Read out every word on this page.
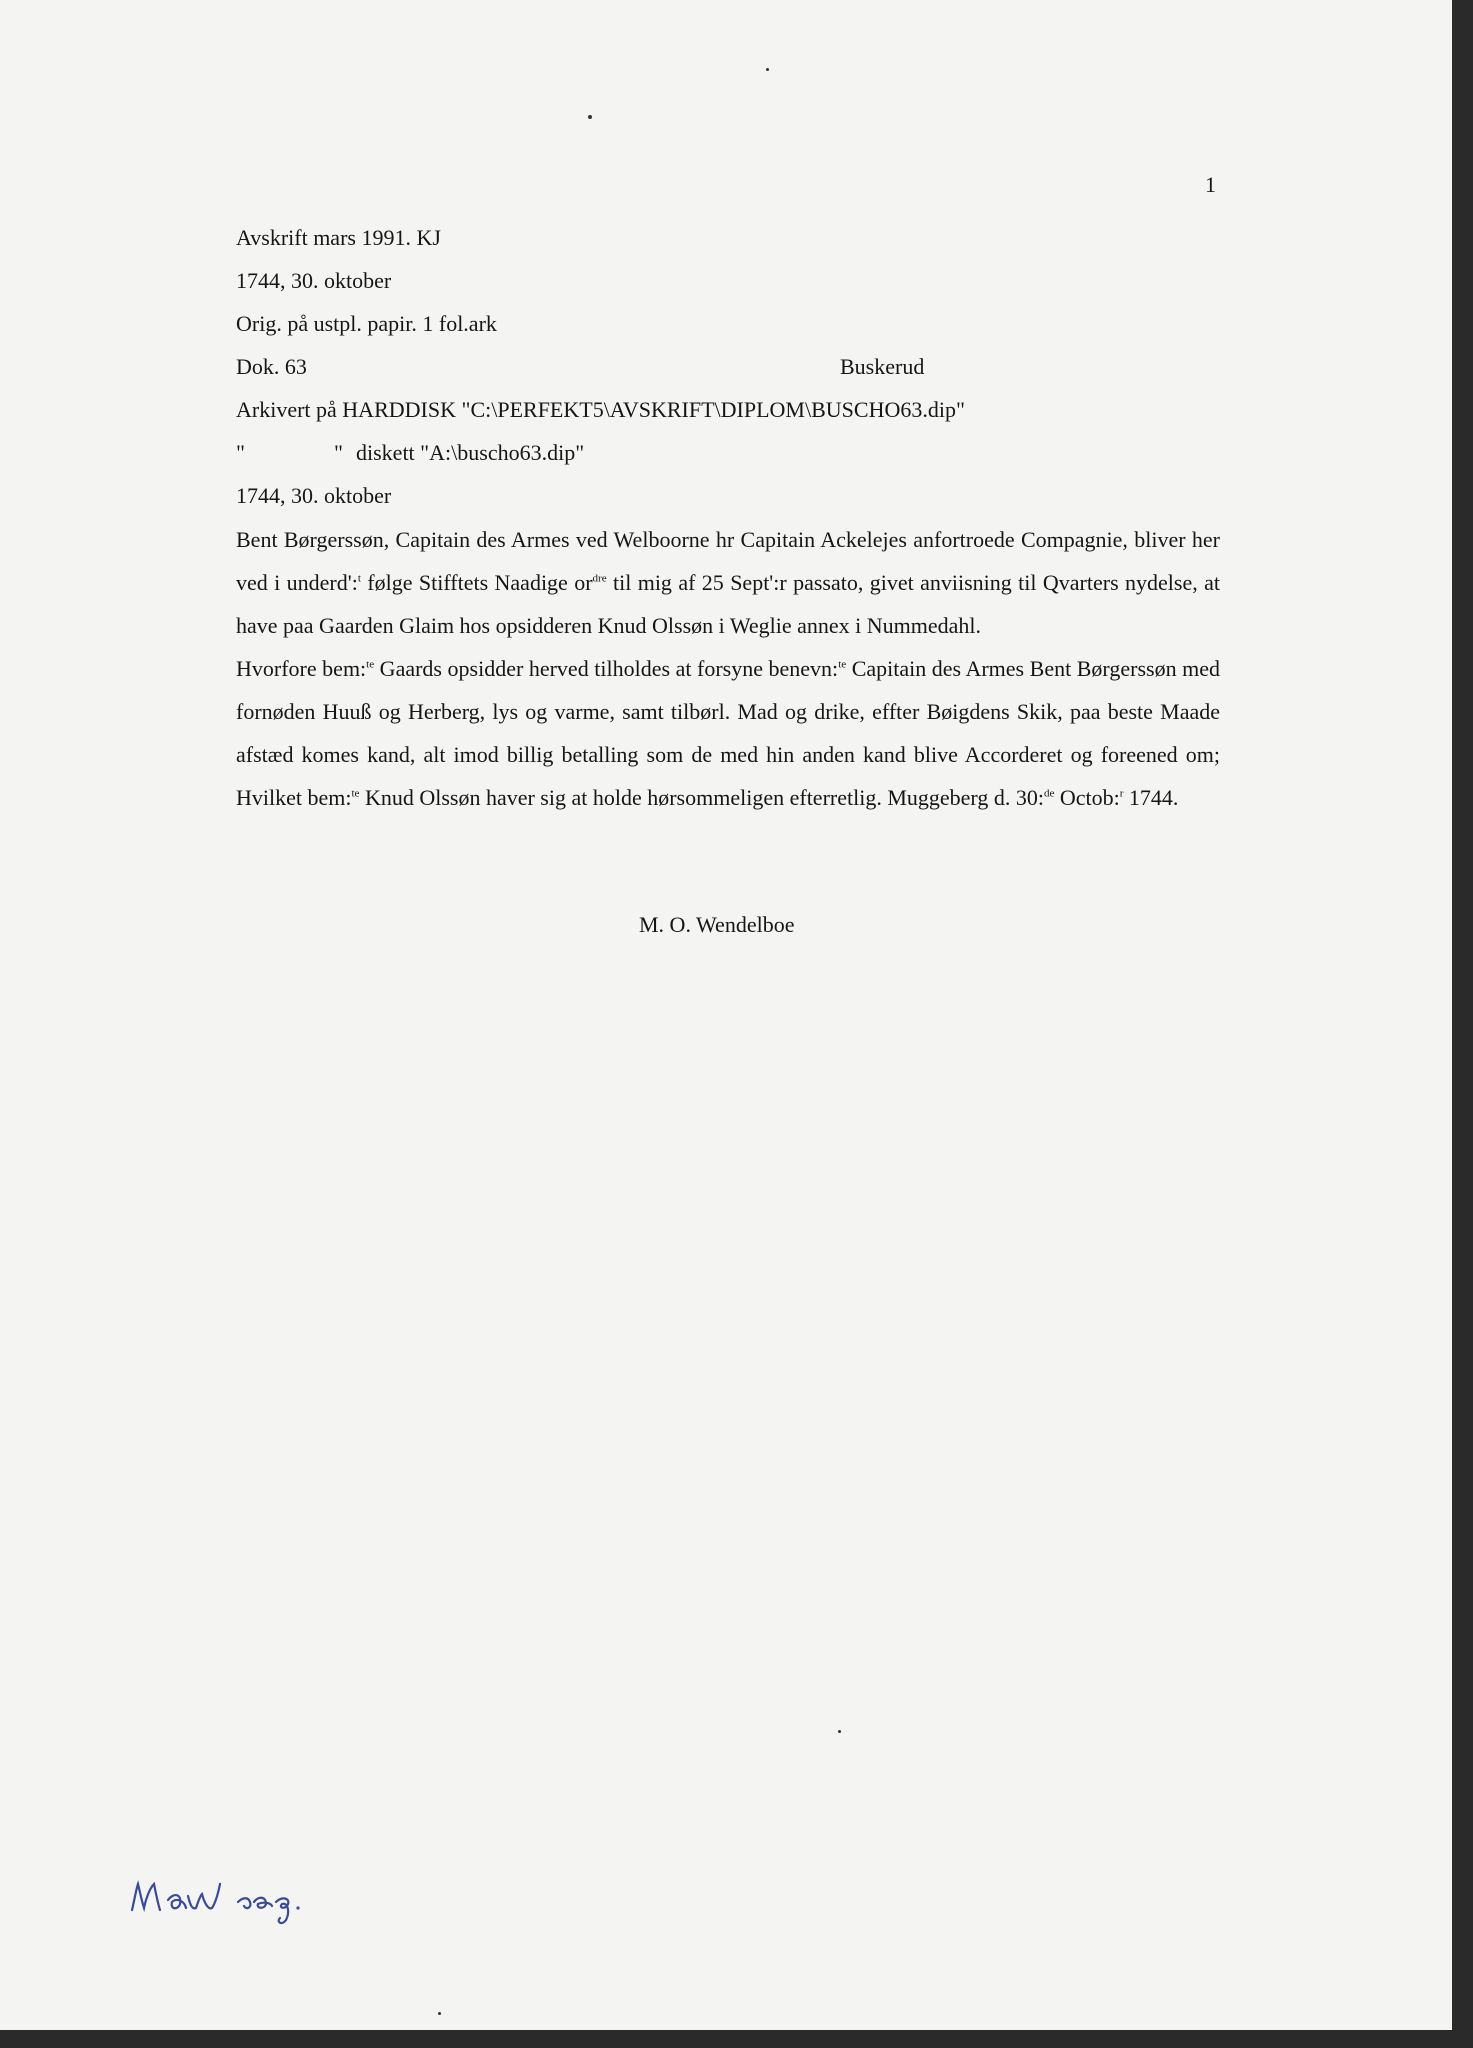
1
Avskrift mars 1991. KJ
1744, 30. oktober
Orig. på ustpl. papir. 1 fol.ark
Dok. 63	Buskerud
Arkivert på HARDDISK "C:\PERFEKT5\AVSKRIFT\DIPLOM\BUSCHO63.dip"
"	" diskett "A:\buscho63.dip"
1744, 30. oktober

Bent Børgerssøn, Capitain des Armes ved Welboorne hr Capitain Ackelejes anfortroede Compagnie, bliver her ved i underd':$^t$ følge Stifftets Naadige $or^{dre}$ til mig af 25 Sept':r passato, givet anviisning til Qvarters nydelse, at have paa Gaarden Glaim hos opsidderen Knud Olssøn i Weglie annex i Nummedahl.

Hvorfore bem:$^{te}$ Gaards opsidder herved tilholdes at forsyne benevn:$^{te}$ Capitain des Armes Bent Børgerssøn med fornøden Huuß og Herberg, lys og varme, samt tilbørl. Mad og drike, effter Bøigdens Skik, paa beste Maade afstæd komes kand, alt imod billig betalling som de med hin anden kand blive Accorderet og foreened om; Hvilket bem:$^{te}$ Knud Olssøn haver sig at holde hørsommeligen efterretlig. Muggeberg d. 30:$^{de}$ Octob:$^r$ 1744.

M. O. Wendelboe
